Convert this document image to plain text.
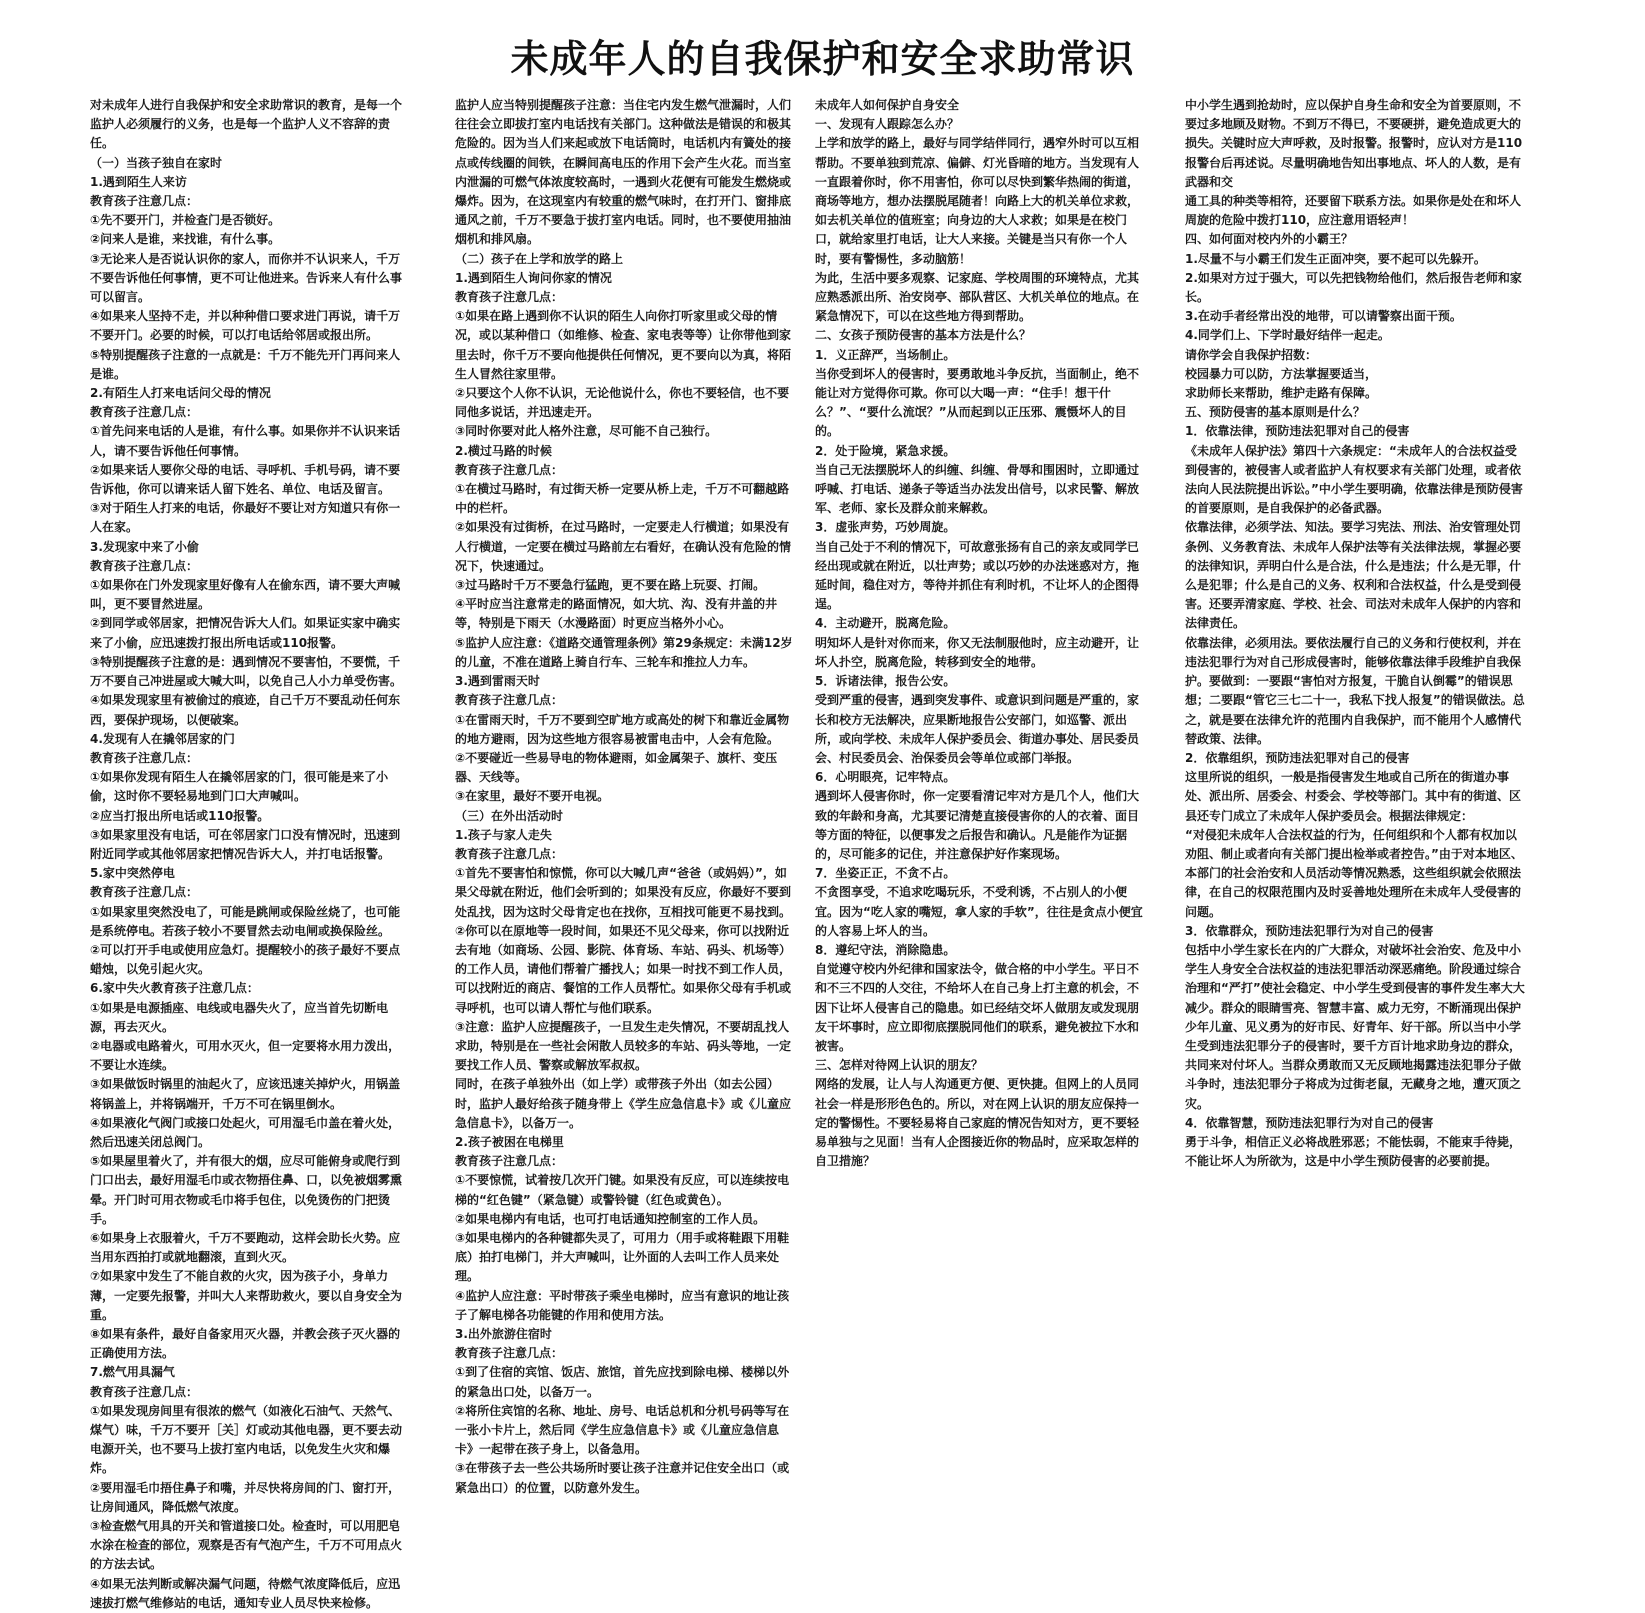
未成年人的自我保护和安全求助常识

对未成年人进行自我保护和安全求助常识的教育，是每一个监护人必须履行的义务，也是每一个监护人义不容辞的责任。

（一）当孩子独自在家时

1.遇到陌生人来访

教育孩子注意几点：

①先不要开门，并检查门是否锁好。

②问来人是谁，来找谁，有什么事。

③无论来人是否说认识你的家人，而你并不认识来人，千万不要告诉他任何事情，更不可让他进来。告诉来人有什么事可以留言。

④如果来人坚持不走，并以种种借口要求进门再说，请千万不要开门。必要的时候，可以打电话给邻居或报出所。

⑤特别提醒孩子注意的一点就是：千万不能先开门再问来人是谁。

2.有陌生人打来电话问父母的情况

教育孩子注意几点：

①首先问来电话的人是谁，有什么事。如果你并不认识来话人，请不要告诉他任何事情。

②如果来话人要你父母的电话、寻呼机、手机号码，请不要告诉他，你可以请来话人留下姓名、单位、电话及留言。

③对于陌生人打来的电话，你最好不要让对方知道只有你一人在家。

3.发现家中来了小偷

教育孩子注意几点：

①如果你在门外发现家里好像有人在偷东西，请不要大声喊叫，更不要冒然进屋。

②到同学或邻居家，把情况告诉大人们。如果证实家中确实来了小偷，应迅速拨打报出所电话或110报警。

③特别提醒孩子注意的是：遇到情况不要害怕，不要慌，千万不要自己冲进屋或大喊大叫，以免自己人小力单受伤害。

④如果发现家里有被偷过的痕迹，自己千万不要乱动任何东西，要保护现场，以便破案。

4.发现有人在撬邻居家的门

教育孩子注意几点：

①如果你发现有陌生人在撬邻居家的门，很可能是来了小偷，这时你不要轻易地到门口大声喊叫。

②应当打报出所电话或110报警。

③如果家里没有电话，可在邻居家门口没有情况时，迅速到附近同学或其他邻居家把情况告诉大人，并打电话报警。

5.家中突然停电

教育孩子注意几点：

①如果家里突然没电了，可能是跳闸或保险丝烧了，也可能是系统停电。若孩子较小不要冒然去动电闸或换保险丝。

②可以打开手电或使用应急灯。提醒较小的孩子最好不要点蜡烛，以免引起火灾。

6.家中失火教育孩子注意几点：

①如果是电源插座、电线或电器失火了，应当首先切断电源，再去灭火。

②电器或电路着火，可用水灭火，但一定要将水用力泼出，不要让水连续。

③如果做饭时锅里的油起火了，应该迅速关掉炉火，用锅盖将锅盖上，并将锅端开，千万不可在锅里倒水。

④如果液化气阀门或接口处起火，可用湿毛巾盖在着火处，然后迅速关闭总阀门。

⑤如果屋里着火了，并有很大的烟，应尽可能俯身或爬行到门口出去，最好用湿毛巾或衣物捂住鼻、口，以免被烟雾熏晕。开门时可用衣物或毛巾将手包住，以免烫伤的门把烫手。

⑥如果身上衣服着火，千万不要跑动，这样会助长火势。应当用东西拍打或就地翻滚，直到火灭。

⑦如果家中发生了不能自救的火灾，因为孩子小，身单力薄，一定要先报警，并叫大人来帮助救火，要以自身安全为重。

⑧如果有条件，最好自备家用灭火器，并教会孩子灭火器的正确使用方法。

7.燃气用具漏气

教育孩子注意几点：

①如果发现房间里有很浓的燃气（如液化石油气、天然气、煤气）味，千万不要开［关］灯或动其他电器，更不要去动电源开关，也不要马上拔打室内电话，以免发生火灾和爆炸。

②要用湿毛巾捂住鼻子和嘴，并尽快将房间的门、窗打开，让房间通风，降低燃气浓度。

③检查燃气用具的开关和管道接口处。检查时，可以用肥皂水涂在检查的部位，观察是否有气泡产生，千万不可用点火的方法去试。

④如果无法判断或解决漏气问题，待燃气浓度降低后，应迅速拔打燃气维修站的电话，通知专业人员尽快来检修。

监护人应当特别提醒孩子注意：当住宅内发生燃气泄漏时，人们往往会立即拔打室内电话找有关部门。这种做法是错误的和极其危险的。因为当人们来起或放下电话筒时，电话机内有簧处的接点或传线圈的间铁，在瞬间高电压的作用下会产生火花。而当室内泄漏的可燃气体浓度较高时，一遇到火花便有可能发生燃烧或爆炸。因为，在这现室内有较重的燃气味时，在打开门、窗排底通风之前，千万不要急于拔打室内电话。同时，也不要使用抽油烟机和排风扇。

（二）孩子在上学和放学的路上

1.遇到陌生人询问你家的情况

教育孩子注意几点：

①如果在路上遇到你不认识的陌生人向你打听家里或父母的情况，或以某种借口（如维修、检查、家电表等等）让你带他到家里去时，你千万不要向他提供任何情况，更不要向以为真，将陌生人冒然往家里带。

②只要这个人你不认识，无论他说什么，你也不要轻信，也不要同他多说话，并迅速走开。

③同时你要对此人格外注意，尽可能不自己独行。

2.横过马路的时候

教育孩子注意几点：

①在横过马路时，有过街天桥一定要从桥上走，千万不可翻越路中的栏杆。

②如果没有过街桥，在过马路时，一定要走人行横道；如果没有人行横道，一定要在横过马路前左右看好，在确认没有危险的情况下，快速通过。

③过马路时千万不要急行猛跑，更不要在路上玩耍、打闹。

④平时应当注意常走的路面情况，如大坑、沟、没有井盖的井等，特别是下雨天（水漫路面）时更应当格外小心。

⑤监护人应注意：《道路交通管理条例》第29条规定：未满12岁的儿童，不准在道路上骑自行车、三轮车和推拉人力车。

3.遇到雷雨天时

教育孩子注意几点：

①在雷雨天时，千万不要到空旷地方或高处的树下和靠近金属物的地方避雨，因为这些地方很容易被雷电击中，人会有危险。

②不要碰近一些易导电的物体避雨，如金属架子、旗杆、变压器、天线等。

③在家里，最好不要开电视。

（三）在外出活动时

1.孩子与家人走失

教育孩子注意几点：

①首先不要害怕和惊慌，你可以大喊几声“爸爸（或妈妈）”，如果父母就在附近，他们会听到的；如果没有反应，你最好不要到处乱找，因为这时父母肯定也在找你，互相找可能更不易找到。

②你可以在原地等一段时间，如果还不见父母来，你可以找附近去有地（如商场、公园、影院、体育场、车站、码头、机场等）的工作人员，请他们帮着广播找人；如果一时找不到工作人员，可以找附近的商店、餐馆的工作人员帮忙。如果你父母有手机或寻呼机，也可以请人帮忙与他们联系。

③注意：监护人应提醒孩子，一旦发生走失情况，不要胡乱找人求助，特别是在一些社会闲散人员较多的车站、码头等地，一定要找工作人员、警察或解放军叔叔。

同时，在孩子单独外出（如上学）或带孩子外出（如去公园）时，监护人最好给孩子随身带上《学生应急信息卡》或《儿童应急信息卡》，以备万一。

2.孩子被困在电梯里

教育孩子注意几点：

①不要惊慌，试着按几次开门键。如果没有反应，可以连续按电梯的“红色键”（紧急键）或警铃键（红色或黄色）。

②如果电梯内有电话，也可打电话通知控制室的工作人员。

③如果电梯内的各种键都失灵了，可用力（用手或将鞋跟下用鞋底）拍打电梯门，并大声喊叫，让外面的人去叫工作人员来处理。

④监护人应注意：平时带孩子乘坐电梯时，应当有意识的地让孩子了解电梯各功能键的作用和使用方法。

3.出外旅游住宿时

教育孩子注意几点：

①到了住宿的宾馆、饭店、旅馆，首先应找到除电梯、楼梯以外的紧急出口处，以备万一。

②将所住宾馆的名称、地址、房号、电话总机和分机号码等写在一张小卡片上，然后同《学生应急信息卡》或《儿童应急信息卡》一起带在孩子身上，以备急用。

③在带孩子去一些公共场所时要让孩子注意并记住安全出口（或紧急出口）的位置，以防意外发生。

未成年人如何保护自身安全

一、发现有人跟踪怎么办？

上学和放学的路上，最好与同学结伴同行，遇窄外时可以互相帮助。不要单独到荒凉、偏僻、灯光昏暗的地方。当发现有人一直跟着你时，你不用害怕，你可以尽快到繁华热闹的街道，商场等地方，想办法摆脱尾随者！向路上大的机关单位求救，如去机关单位的值班室；向身边的大人求救；如果是在校门口，就给家里打电话，让大人来接。关键是当只有你一个人时，要有警惕性，多动脑筋！

为此，生活中要多观察、记家庭、学校周围的环境特点，尤其应熟悉派出所、治安岗亭、部队营区、大机关单位的地点。在紧急情况下，可以在这些地方得到帮助。

二、女孩子预防侵害的基本方法是什么？

1．义正辞严，当场制止。

当你受到坏人的侵害时，要勇敢地斗争反抗，当面制止，绝不能让对方觉得你可欺。你可以大喝一声：“住手！想干什么？”、“要什么流氓？”从而起到以正压邪、震慑坏人的目的。

2．处于险境，紧急求援。

当自己无法摆脱坏人的纠缠、纠缠、骨辱和围困时，立即通过呼喊、打电话、递条子等适当办法发出信号，以求民警、解放军、老师、家长及群众前来解救。

3．虚张声势，巧妙周旋。

当自己处于不利的情况下，可故意张扬有自己的亲友或同学已经出现或就在附近，以壮声势；或以巧妙的办法迷惑对方，拖延时间，稳住对方，等待并抓住有利时机，不让坏人的企图得逞。

4．主动避开，脱离危险。

明知坏人是针对你而来，你又无法制服他时，应主动避开，让坏人扑空，脱离危险，转移到安全的地带。

5．诉诸法律，报告公安。

受到严重的侵害，遇到突发事件、或意识到问题是严重的，家长和校方无法解决，应果断地报告公安部门，如巡警、派出所，或向学校、未成年人保护委员会、街道办事处、居民委员会、村民委员会、治保委员会等单位或部门举报。

6．心明眼亮，记牢特点。

遇到坏人侵害你时，你一定要看清记牢对方是几个人，他们大致的年龄和身高，尤其要记清楚直接侵害你的人的衣着、面目等方面的特征，以便事发之后报告和确认。凡是能作为证据的，尽可能多的记住，并注意保护好作案现场。

7．坐姿正正，不贪不占。

不贪图享受，不追求吃喝玩乐，不受利诱，不占别人的小便宜。因为“吃人家的嘴短，拿人家的手软”，往往是贪点小便宜的人容易上坏人的当。

8．遵纪守法，消除隐患。

自觉遵守校内外纪律和国家法令，做合格的中小学生。平日不和不三不四的人交往，不给坏人在自己身上打主意的机会，不因下让坏人侵害自己的隐患。如已经结交坏人做朋友或发现朋友干坏事时，应立即彻底摆脱同他们的联系，避免被拉下水和被害。

三、怎样对待网上认识的朋友？

网络的发展，让人与人沟通更方便、更快捷。但网上的人员同社会一样是形形色色的。所以，对在网上认识的朋友应保持一定的警惕性。不要轻易将自己家庭的情况告知对方，更不要轻易单独与之见面！当有人企图接近你的物品时，应采取怎样的自卫措施？

中小学生遇到抢劫时，应以保护自身生命和安全为首要原则，不要过多地顾及财物。不到万不得已，不要硬拼，避免造成更大的损失。关键时应大声呼救，及时报警。报警时，应认对方是110报警台后再述说。尽量明确地告知出事地点、坏人的人数，是有武器和交

通工具的种类等相符，还要留下联系方法。如果你是处在和坏人周旋的危险中拨打110，应注意用语轻声！

四、如何面对校内外的小霸王？

1.尽量不与小霸王们发生正面冲突，要不起可以先躲开。

2.如果对方过于强大，可以先把钱物给他们，然后报告老师和家长。

3.在动手者经常出没的地带，可以请警察出面干预。

4.同学们上、下学时最好结伴一起走。

请你学会自我保护招数：

校园暴力可以防，方法掌握要适当，

求助师长来帮助，维护走路有保障。

五、预防侵害的基本原则是什么？

1．依靠法律，预防违法犯罪对自己的侵害

《未成年人保护法》第四十六条规定：“未成年人的合法权益受到侵害的，被侵害人或者监护人有权要求有关部门处理，或者依法向人民法院提出诉讼。”中小学生要明确，依靠法律是预防侵害的首要原则，是自我保护的必备武器。

依靠法律，必须学法、知法。要学习宪法、刑法、治安管理处罚条例、义务教育法、未成年人保护法等有关法律法规，掌握必要的法律知识，弄明白什么是合法，什么是违法；什么是无罪，什么是犯罪；什么是自己的义务、权利和合法权益，什么是受到侵害。还要弄清家庭、学校、社会、司法对未成年人保护的内容和法律责任。

依靠法律，必须用法。要依法履行自己的义务和行使权利，并在违法犯罪行为对自己形成侵害时，能够依靠法律手段维护自我保护。要做到：一要跟“害怕对方报复，干脆自认倒霉”的错误思想；二要跟“管它三七二十一，我私下找人报复”的错误做法。总之，就是要在法律允许的范围内自我保护，而不能用个人感情代替政策、法律。

2．依靠组织，预防违法犯罪对自己的侵害

这里所说的组织，一般是指侵害发生地或自己所在的街道办事处、派出所、居委会、村委会、学校等部门。其中有的街道、区县还专门成立了未成年人保护委员会。根据法律规定：

“对侵犯未成年人合法权益的行为，任何组织和个人都有权加以劝阻、制止或者向有关部门提出检举或者控告。”由于对本地区、本部门的社会治安和人员活动等情况熟悉，这些组织就会依照法律，在自己的权限范围内及时妥善地处理所在未成年人受侵害的问题。

3．依靠群众，预防违法犯罪行为对自己的侵害

包括中小学生家长在内的广大群众，对破坏社会治安、危及中小学生人身安全合法权益的违法犯罪活动深恶痛绝。阶段通过综合治理和“严打”使社会稳定、中小学生受到侵害的事件发生率大大减少。群众的眼睛雪亮、智慧丰富、威力无穷，不断涌现出保护少年儿童、见义勇为的好市民、好青年、好干部。所以当中小学生受到违法犯罪分子的侵害时，要千方百计地求助身边的群众，共同来对付坏人。当群众勇敢而又无反顾地揭露违法犯罪分子做斗争时，违法犯罪分子将成为过街老鼠，无藏身之地，遭灭顶之灾。

4．依靠智慧，预防违法犯罪行为对自己的侵害

勇于斗争，相信正义必将战胜邪恶；不能怯弱，不能束手待毙，不能让坏人为所欲为，这是中小学生预防侵害的必要前提。
